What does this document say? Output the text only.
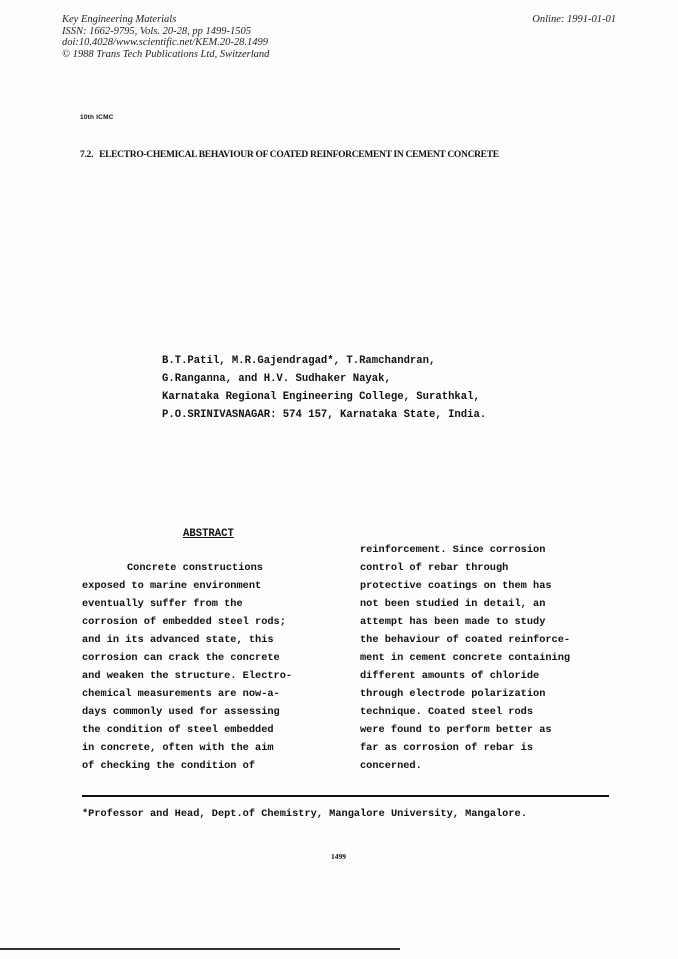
Key Engineering Materials
ISSN: 1662-9795, Vols. 20-28, pp 1499-1505
doi:10.4028/www.scientific.net/KEM.20-28.1499
© 1988 Trans Tech Publications Ltd, Switzerland
Online: 1991-01-01
10th ICMC
7.2. ELECTRO-CHEMICAL BEHAVIOUR OF COATED REINFORCEMENT IN CEMENT CONCRETE
B.T.Patil, M.R.Gajendragad*, T.Ramchandran,
G.Ranganna, and H.V. Sudhaker Nayak,
Karnataka Regional Engineering College, Surathkal,
P.O.SRINIVASNAGAR: 574 157, Karnataka State, India.
ABSTRACT
Concrete constructions
exposed to marine environment
eventually suffer from the
corrosion of embedded steel rods;
and in its advanced state, this
corrosion can crack the concrete
and weaken the structure. Electro-
chemical measurements are now-a-
days commonly used for assessing
the condition of steel embedded
in concrete, often with the aim
of checking the condition of
reinforcement. Since corrosion
control of rebar through
protective coatings on them has
not been studied in detail, an
attempt has been made to study
the behaviour of coated reinforce-
ment in cement concrete containing
different amounts of chloride
through electrode polarization
technique. Coated steel rods
were found to perform better as
far as corrosion of rebar is
concerned.
*Professor and Head, Dept.of Chemistry, Mangalore University, Mangalore.
1499
